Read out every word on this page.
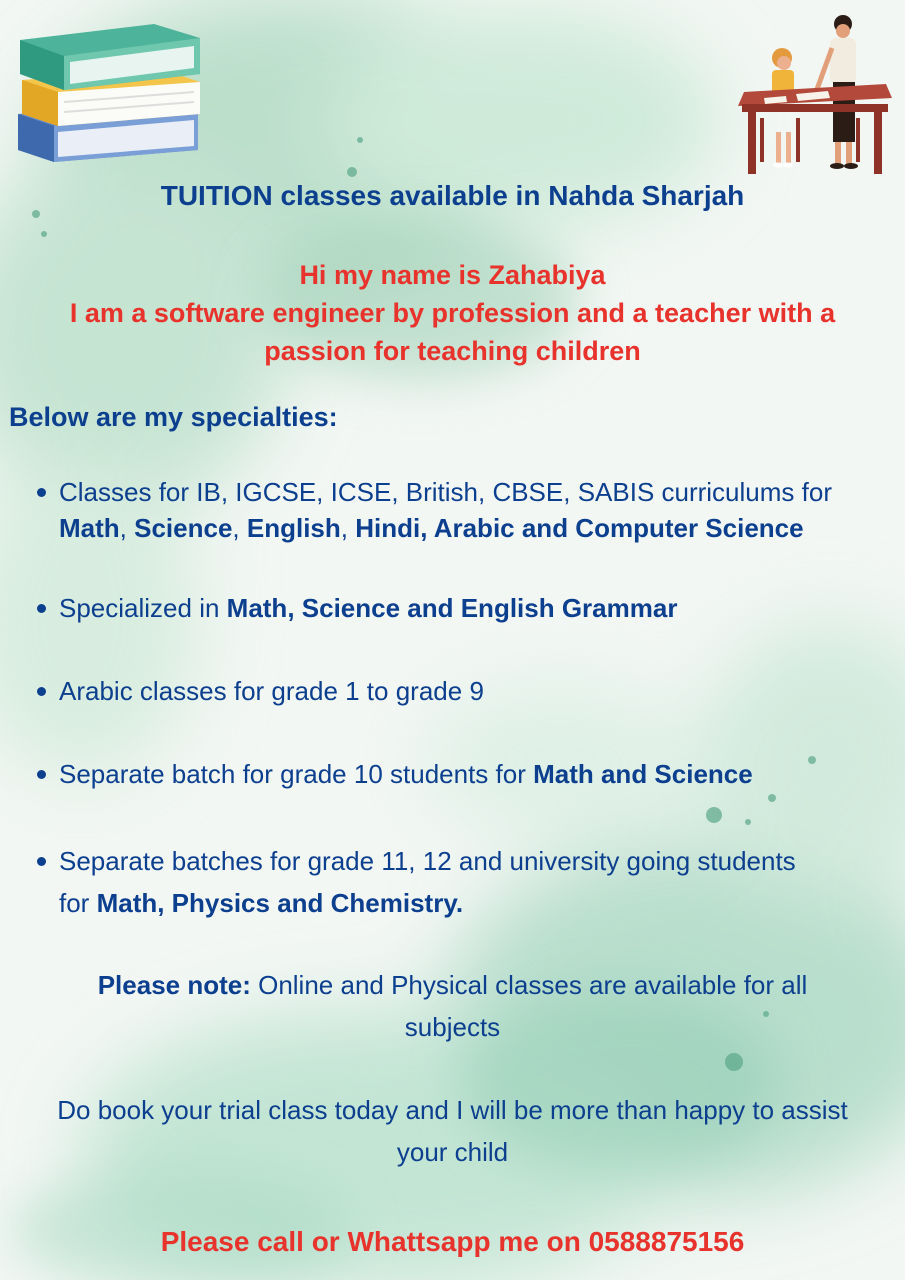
TUITION classes available in Nahda Sharjah
Hi my name is Zahabiya
I am a software engineer by profession and a teacher with a
passion for teaching children
Below are my specialties:
Classes for IB, IGCSE, ICSE, British, CBSE, SABIS curriculums for
Math, Science, English, Hindi, Arabic and Computer Science
Specialized in Math, Science and English Grammar
Arabic classes for grade 1 to grade 9
Separate batch for grade 10 students for Math and Science
Separate batches for grade 11, 12 and university going students
for Math, Physics and Chemistry.
Please note: Online and Physical classes are available for all
subjects
Do book your trial class today and I will be more than happy to assist
your child
Please call or Whattsapp me on 0588875156
